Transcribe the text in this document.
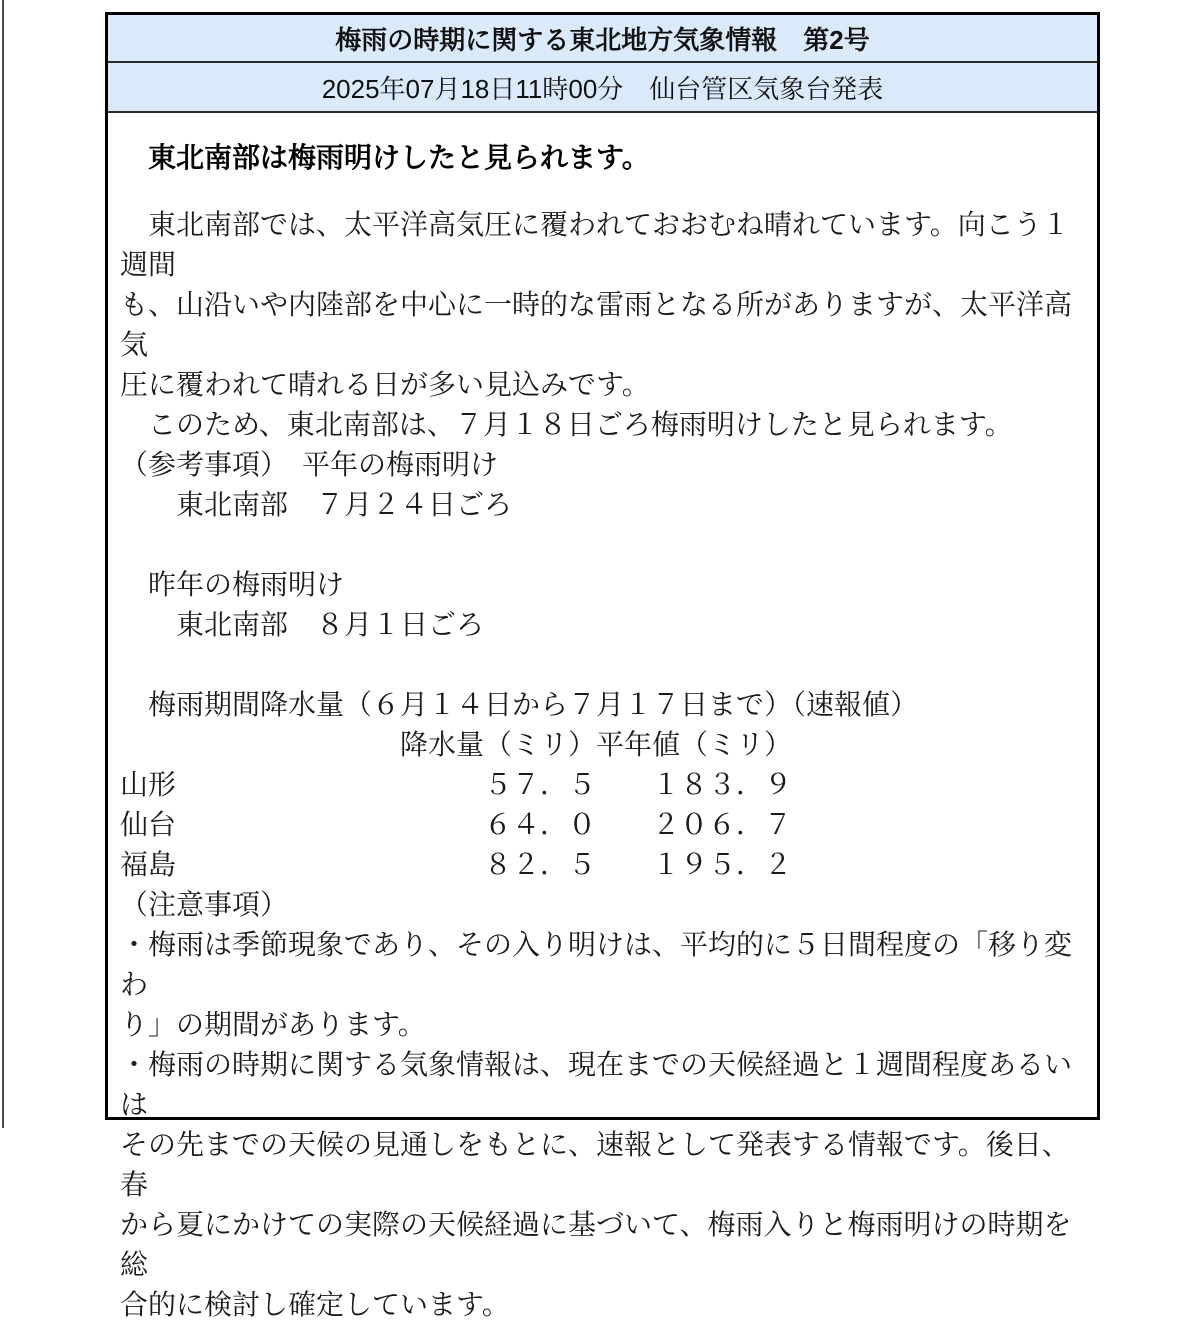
梅雨の時期に関する東北地方気象情報　第2号
2025年07月18日11時00分　仙台管区気象台発表
　東北南部は梅雨明けしたと見られます。
　東北南部では、太平洋高気圧に覆われておおむね晴れています。向こう１週間
も、山沿いや内陸部を中心に一時的な雷雨となる所がありますが、太平洋高気
圧に覆われて晴れる日が多い見込みです。
　このため、東北南部は、７月１８日ごろ梅雨明けしたと見られます。
（参考事項）　平年の梅雨明け
　　東北南部　７月２４日ごろ
　昨年の梅雨明け
　　東北南部　８月１日ごろ
　梅雨期間降水量（６月１４日から７月１７日まで）（速報値）
　　　　　　　　　　降水量（ミリ）平年値（ミリ）
山形　　　　　　　　　　　５７．５　　１８３．９
仙台　　　　　　　　　　　６４．０　　２０６．７
福島　　　　　　　　　　　８２．５　　１９５．２
（注意事項）
・梅雨は季節現象であり、その入り明けは、平均的に５日間程度の「移り変わ
り」の期間があります。
・梅雨の時期に関する気象情報は、現在までの天候経過と１週間程度あるいは
その先までの天候の見通しをもとに、速報として発表する情報です。後日、春
から夏にかけての実際の天候経過に基づいて、梅雨入りと梅雨明けの時期を総
合的に検討し確定しています。
